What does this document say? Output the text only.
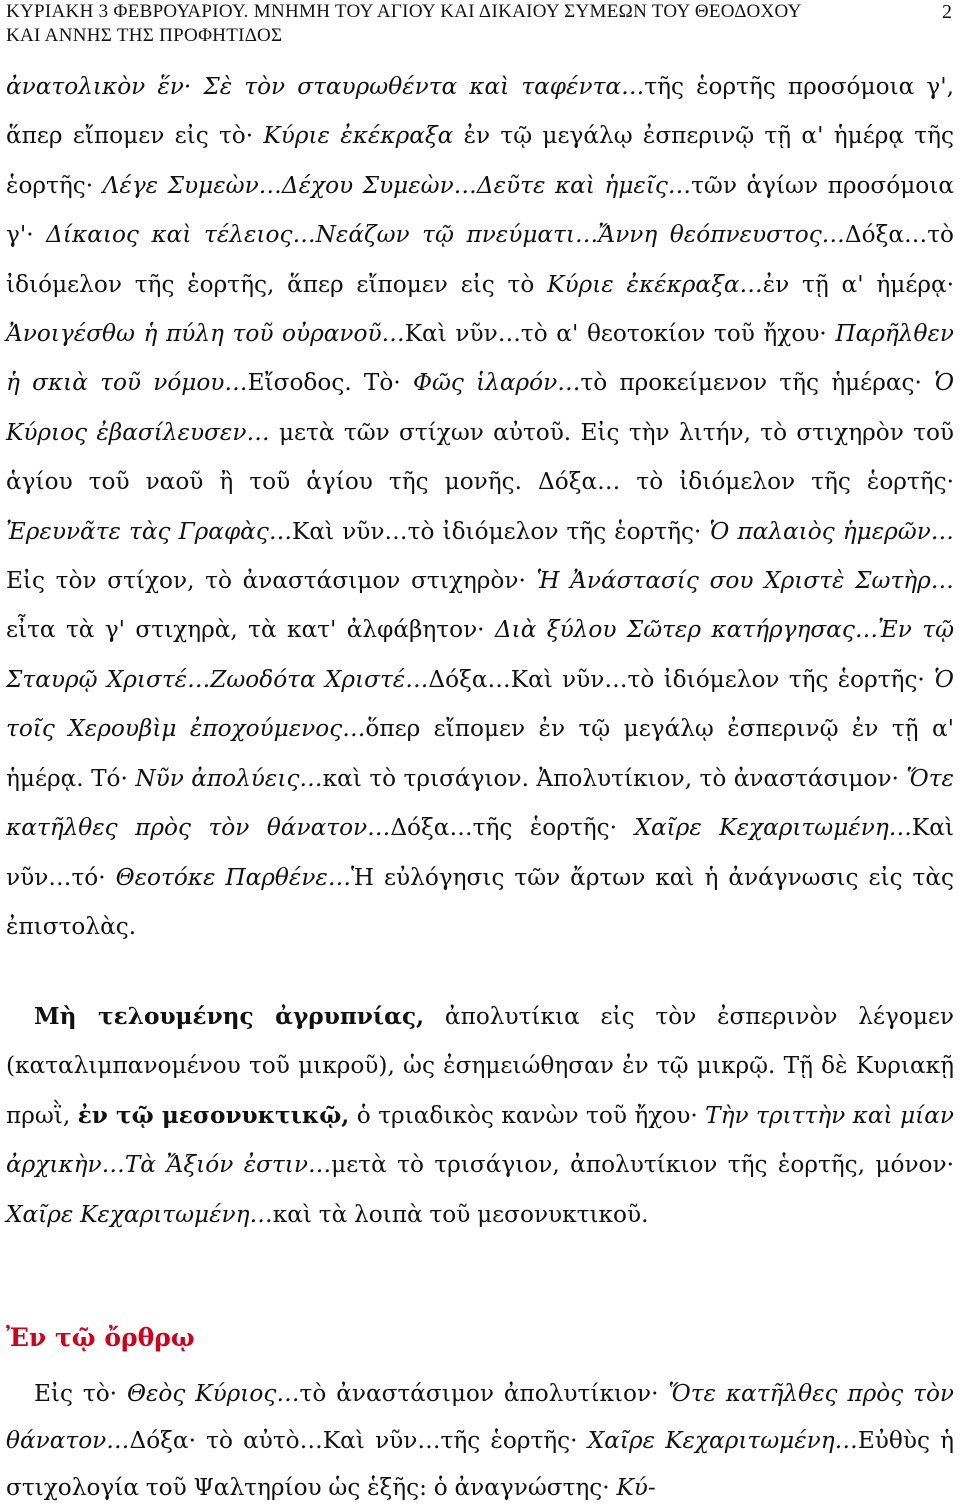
ΚΥΡΙΑΚΗ 3 ΦΕΒΡΟΥΑΡΙΟΥ. ΜΝΗΜΗ ΤΟΥ ΑΓΙΟΥ ΚΑΙ ΔΙΚΑΙΟΥ ΣΥΜΕΩΝ ΤΟΥ ΘΕΟΔΟΧΟΥ
ΚΑΙ ΑΝΝΗΣ ΤΗΣ ΠΡΟΦΗΤΙΔΟΣ
2
ἀνατολικὸν ἕν· Σὲ τὸν σταυρωθέντα καὶ ταφέντα…τῆς ἑορτῆς προσόμοια γ', ἅπερ εἴπομεν εἰς τὸ· Κύριε ἐκέκραξα ἐν τῷ μεγάλῳ ἐσπερινῷ τῇ α' ἡμέρᾳ τῆς ἑορτῆς· Λέγε Συμεὼν…Δέχου Συμεὼν…Δεῦτε καὶ ἡμεῖς…τῶν ἁγίων προσόμοια γ'· Δίκαιος καὶ τέλειος…Νεάζων τῷ πνεύματι…Ἄννη θεόπνευστος…Δόξα…τὸ ἰδιόμελον τῆς ἑορτῆς, ἅπερ εἴπομεν εἰς τὸ Κύριε ἐκέκραξα…ἐν τῇ α' ἡμέρᾳ· Ἀνοιγέσθω ἡ πύλη τοῦ οὐρανοῦ…Καὶ νῦν…τὸ α' θεοτοκίον τοῦ ἤχου· Παρῆλθεν ἡ σκιὰ τοῦ νόμου…Εἴσοδος. Τὸ· Φῶς ἱλαρόν…τὸ προκείμενον τῆς ἡμέρας· Ὁ Κύριος ἐβασίλευσεν… μετὰ τῶν στίχων αὐτοῦ. Εἰς τὴν λιτήν, τὸ στιχηρὸν τοῦ ἁγίου τοῦ ναοῦ ἢ τοῦ ἁγίου τῆς μονῆς. Δόξα… τὸ ἰδιόμελον τῆς ἑορτῆς· Ἐρευνᾶτε τὰς Γραφὰς…Καὶ νῦν…τὸ ἰδιόμελον τῆς ἑορτῆς· Ὁ παλαιὸς ἡμερῶν…Εἰς τὸν στίχον, τὸ ἀναστάσιμον στιχηρὸν· Ἡ Ἀνάστασίς σου Χριστὲ Σωτὴρ… εἶτα τὰ γ' στιχηρὰ, τὰ κατ' ἀλφάβητον· Διὰ ξύλου Σῶτερ κατήργησας…Ἐν τῷ Σταυρῷ Χριστέ…Ζωοδότα Χριστέ…Δόξα…Καὶ νῦν…τὸ ἰδιόμελον τῆς ἑορτῆς· Ὁ τοῖς Χερουβὶμ ἐποχούμενος…ὅπερ εἴπομεν ἐν τῷ μεγάλῳ ἐσπερινῷ ἐν τῇ α' ἡμέρᾳ. Τό· Νῦν ἀπολύεις…καὶ τὸ τρισάγιον. Ἀπολυτίκιον, τὸ ἀναστάσιμον· Ὅτε κατῆλθες πρὸς τὸν θάνατον…Δόξα…τῆς ἑορτῆς· Χαῖρε Κεχαριτωμένη…Καὶ νῦν…τό· Θεοτόκε Παρθένε…Ἡ εὐλόγησις τῶν ἄρτων καὶ ἡ ἀνάγνωσις εἰς τὰς ἐπιστολὰς.
Μὴ τελουμένης ἀγρυπνίας, ἀπολυτίκια εἰς τὸν ἐσπερινὸν λέγομεν (καταλιμπανομένου τοῦ μικροῦ), ὡς ἐσημειώθησαν ἐν τῷ μικρῷ. Τῇ δὲ Κυριακῇ πρωῒ, ἐν τῷ μεσονυκτικῷ, ὁ τριαδικὸς κανὼν τοῦ ἤχου· Τὴν τριττὴν καὶ μίαν ἀρχικὴν…Τὰ Ἄξιόν ἐστιν…μετὰ τὸ τρισάγιον, ἀπολυτίκιον τῆς ἑορτῆς, μόνον· Χαῖρε Κεχαριτωμένη…καὶ τὰ λοιπὰ τοῦ μεσονυκτικοῦ.
Ἐν τῷ ὄρθρῳ
Εἰς τὸ· Θεὸς Κύριος…τὸ ἀναστάσιμον ἀπολυτίκιον· Ὅτε κατῆλθες πρὸς τὸν θάνατον…Δόξα· τὸ αὐτὸ…Καὶ νῦν…τῆς ἑορτῆς· Χαῖρε Κεχαριτωμένη…Εὐθὺς ἡ στιχολογία τοῦ Ψαλτηρίου ὡς ἑξῆς: ὁ ἀναγνώστης· Κύ-
